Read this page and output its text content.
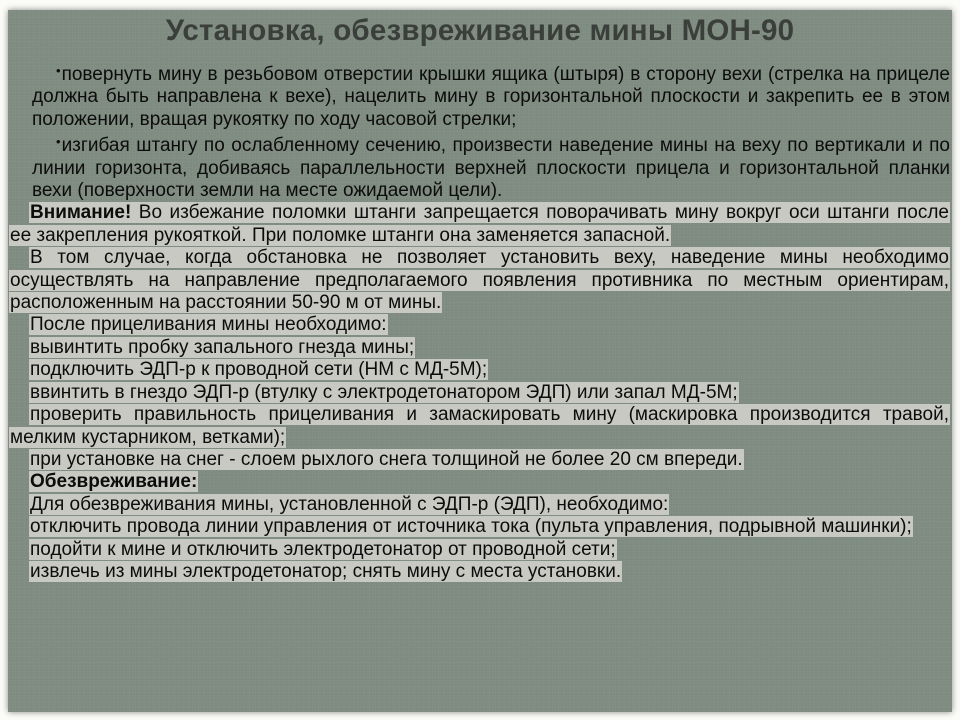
Установка, обезвреживание мины МОН-90

•повернуть мину в резьбовом отверстии крышки ящика (штыря) в сторону вехи (стрелка на прицеле должна быть направлена к вехе), нацелить мину в горизонтальной плоскости и закрепить ее в этом положении, вращая рукоятку по ходу часовой стрелки;

•изгибая штангу по ослабленному сечению, произвести наведение мины на веху по вертикали и по линии горизонта, добиваясь параллельности верхней плоскости прицела и горизонтальной планки вехи (поверхности земли на месте ожидаемой цели).

Внимание! Во избежание поломки штанги запрещается поворачивать мину вокруг оси штанги после ее закрепления рукояткой. При поломке штанги она заменяется запасной.

В том случае, когда обстановка не позволяет установить веху, наведение мины необходимо осуществлять на направление предполагаемого появления противника по местным ориентирам, расположенным на расстоянии 50-90 м от мины.

После прицеливания мины необходимо:

вывинтить пробку запального гнезда мины;

подключить ЭДП-р к проводной сети (НМ с МД-5М);

ввинтить в гнездо ЭДП-р (втулку с электродетонатором ЭДП) или запал МД-5М;

проверить правильность прицеливания и замаскировать мину (маскировка производится травой, мелким кустарником, ветками);

при установке на снег - слоем рыхлого снега толщиной не более 20 см впереди.

Обезвреживание:

Для обезвреживания мины, установленной с ЭДП-р (ЭДП), необходимо:

отключить провода линии управления от источника тока (пульта управления, подрывной машинки);

подойти к мине и отключить электродетонатор от проводной сети;

извлечь из мины электродетонатор; снять мину с места установки.
